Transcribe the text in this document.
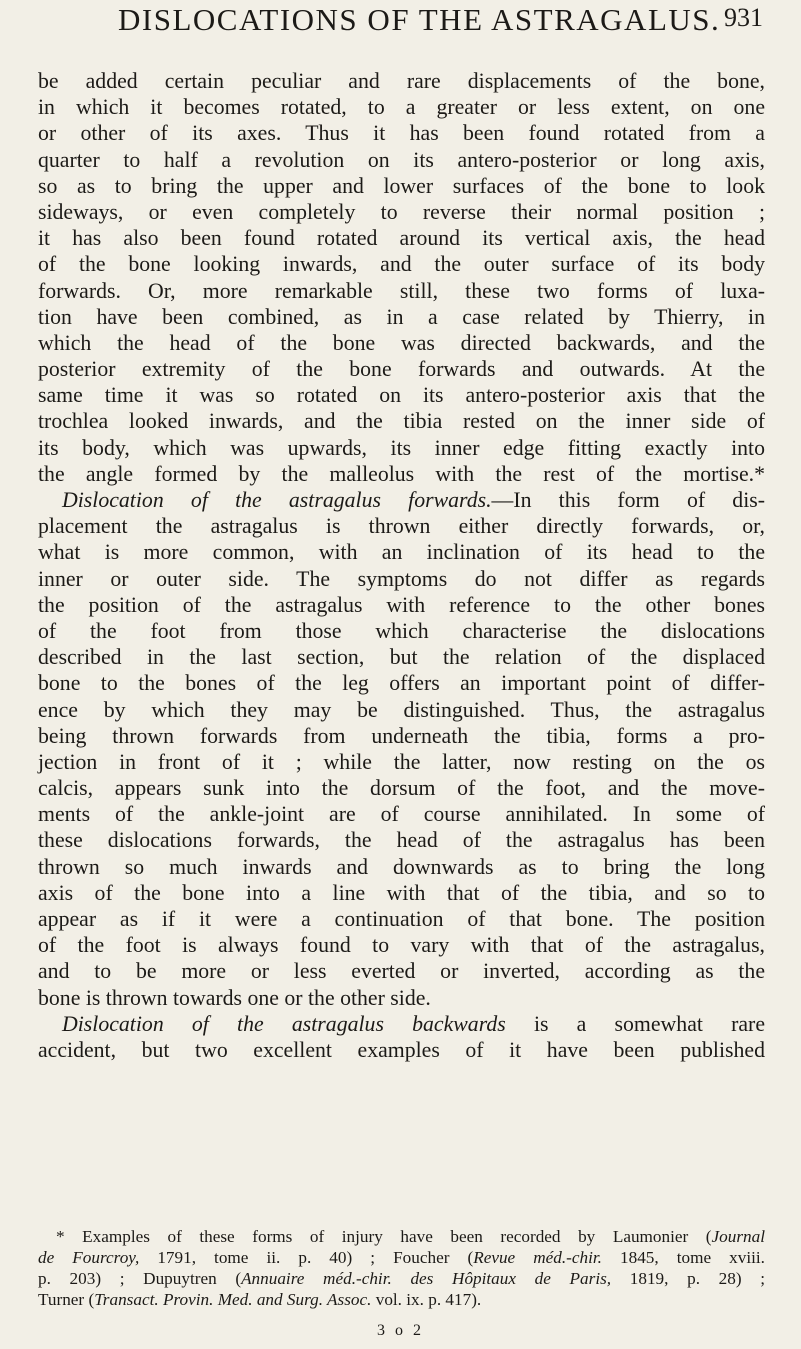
DISLOCATIONS OF THE ASTRAGALUS. 931
be added certain peculiar and rare displacements of the bone,
in which it becomes rotated, to a greater or less extent, on one
or other of its axes. Thus it has been found rotated from a
quarter to half a revolution on its antero-posterior or long axis,
so as to bring the upper and lower surfaces of the bone to look
sideways, or even completely to reverse their normal position ;
it has also been found rotated around its vertical axis, the head
of the bone looking inwards, and the outer surface of its body
forwards. Or, more remarkable still, these two forms of luxa-
tion have been combined, as in a case related by Thierry, in
which the head of the bone was directed backwards, and the
posterior extremity of the bone forwards and outwards. At the
same time it was so rotated on its antero-posterior axis that the
trochlea looked inwards, and the tibia rested on the inner side of
its body, which was upwards, its inner edge fitting exactly into
the angle formed by the malleolus with the rest of the mortise.*
Dislocation of the astragalus forwards.—In this form of dis-
placement the astragalus is thrown either directly forwards, or,
what is more common, with an inclination of its head to the
inner or outer side. The symptoms do not differ as regards
the position of the astragalus with reference to the other bones
of the foot from those which characterise the dislocations
described in the last section, but the relation of the displaced
bone to the bones of the leg offers an important point of differ-
ence by which they may be distinguished. Thus, the astragalus
being thrown forwards from underneath the tibia, forms a pro-
jection in front of it ; while the latter, now resting on the os
calcis, appears sunk into the dorsum of the foot, and the move-
ments of the ankle-joint are of course annihilated. In some of
these dislocations forwards, the head of the astragalus has been
thrown so much inwards and downwards as to bring the long
axis of the bone into a line with that of the tibia, and so to
appear as if it were a continuation of that bone. The position
of the foot is always found to vary with that of the astragalus,
and to be more or less everted or inverted, according as the
bone is thrown towards one or the other side.
Dislocation of the astragalus backwards is a somewhat rare
accident, but two excellent examples of it have been published
* Examples of these forms of injury have been recorded by Laumonier (Journal
de Fourcroy, 1791, tome ii. p. 40) ; Foucher (Revue méd.-chir. 1845, tome xviii.
p. 203) ; Dupuytren (Annuaire méd.-chir. des Hôpitaux de Paris, 1819, p. 28) ;
Turner (Transact. Provin. Med. and Surg. Assoc. vol. ix. p. 417).
3 o 2
